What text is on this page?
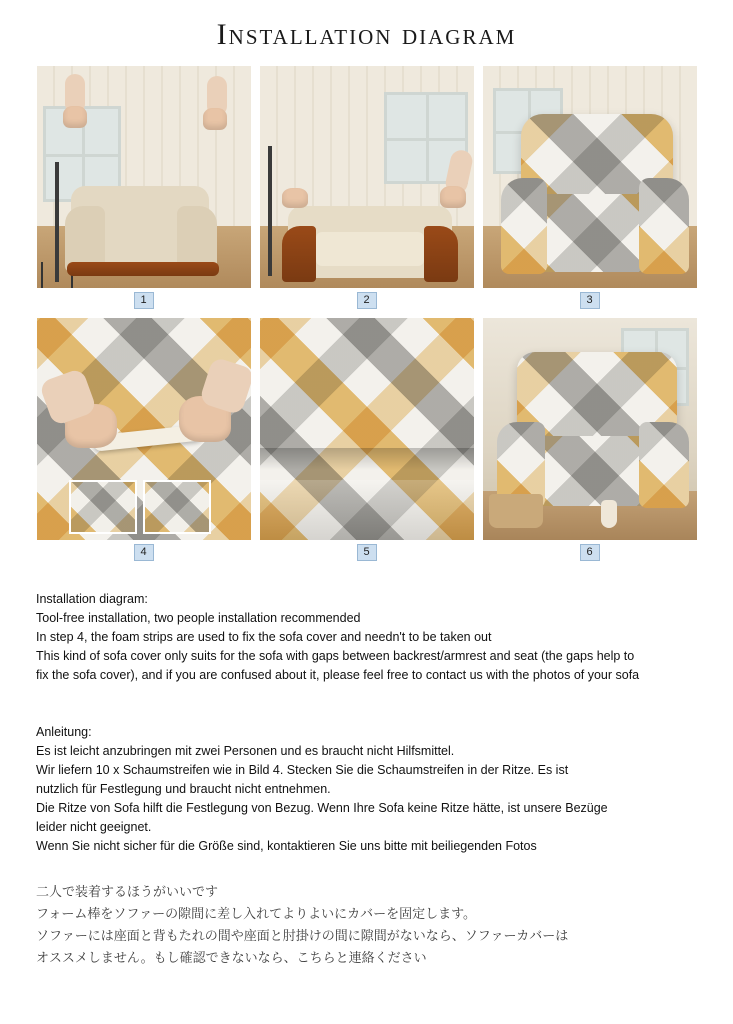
Installation diagram
1	2	3
4	5	6

Installation diagram:

Tool-free installation, two people installation recommended

In step 4, the foam strips are used to fix the sofa cover and needn't to be taken out

This kind of sofa cover only suits for the sofa with gaps between backrest/armrest and seat (the gaps help to

fix the sofa cover), and if you are confused about it, please feel free to contact us with the photos of your sofa

Anleitung:

Es ist leicht anzubringen mit zwei Personen und es braucht nicht Hilfsmittel.

Wir liefern 10 x Schaumstreifen wie in Bild 4. Stecken Sie die Schaumstreifen in der Ritze. Es ist

nutzlich für Festlegung und braucht nicht entnehmen.

Die Ritze von Sofa hilft die Festlegung von Bezug. Wenn Ihre Sofa keine Ritze hätte, ist unsere Bezüge

leider nicht geeignet.

Wenn Sie nicht sicher für die Größe sind, kontaktieren Sie uns bitte mit beiliegenden Fotos

二人で装着するほうがいいです

フォーム棒をソファーの隙間に差し入れてよりよいにカバーを固定します。

ソファーには座面と背もたれの間や座面と肘掛けの間に隙間がないなら、ソファーカバーは

オススメしません。もし確認できないなら、こちらと連絡ください
